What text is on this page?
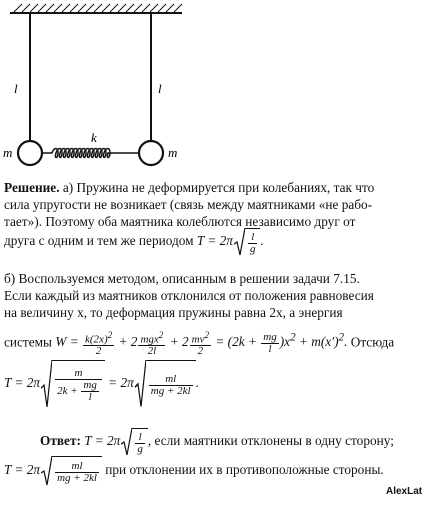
l	l
k
m	m
Решение. а) Пружина не деформируется при колебаниях, так что
сила упругости не возникает (связь между маятниками «не рабо-
тает»). Поэтому оба маятника колеблются независимо друг от
друга с одним и тем же периодом $T = 2\pi \frac{l}{g}$ .
б) Воспользуемся методом, описанным в решении задачи 7.15.
Если каждый из маятников отклонился от положения равновесия
на величину x, то деформация пружины равна 2x, а энергия
системы $W = \frac{k(2x)^2}{2} + 2 \frac{mgx^2}{2l} + 2 \frac{mv^2}{2} = (2k + \frac{mg}{l} )x^2 + m(x')^2$. Отсюда
$T = 2\pi \frac{m}{2k + \frac{mg}{l}} = 2\pi \frac{ml}{mg + 2kl}$ .
Ответ: $T = 2\pi \frac{l}{g}$ , если маятники отклонены в одну сторону;
$T = 2\pi \frac{ml}{mg + 2kl}$ при отклонении их в противоположные стороны.
AlexLat
